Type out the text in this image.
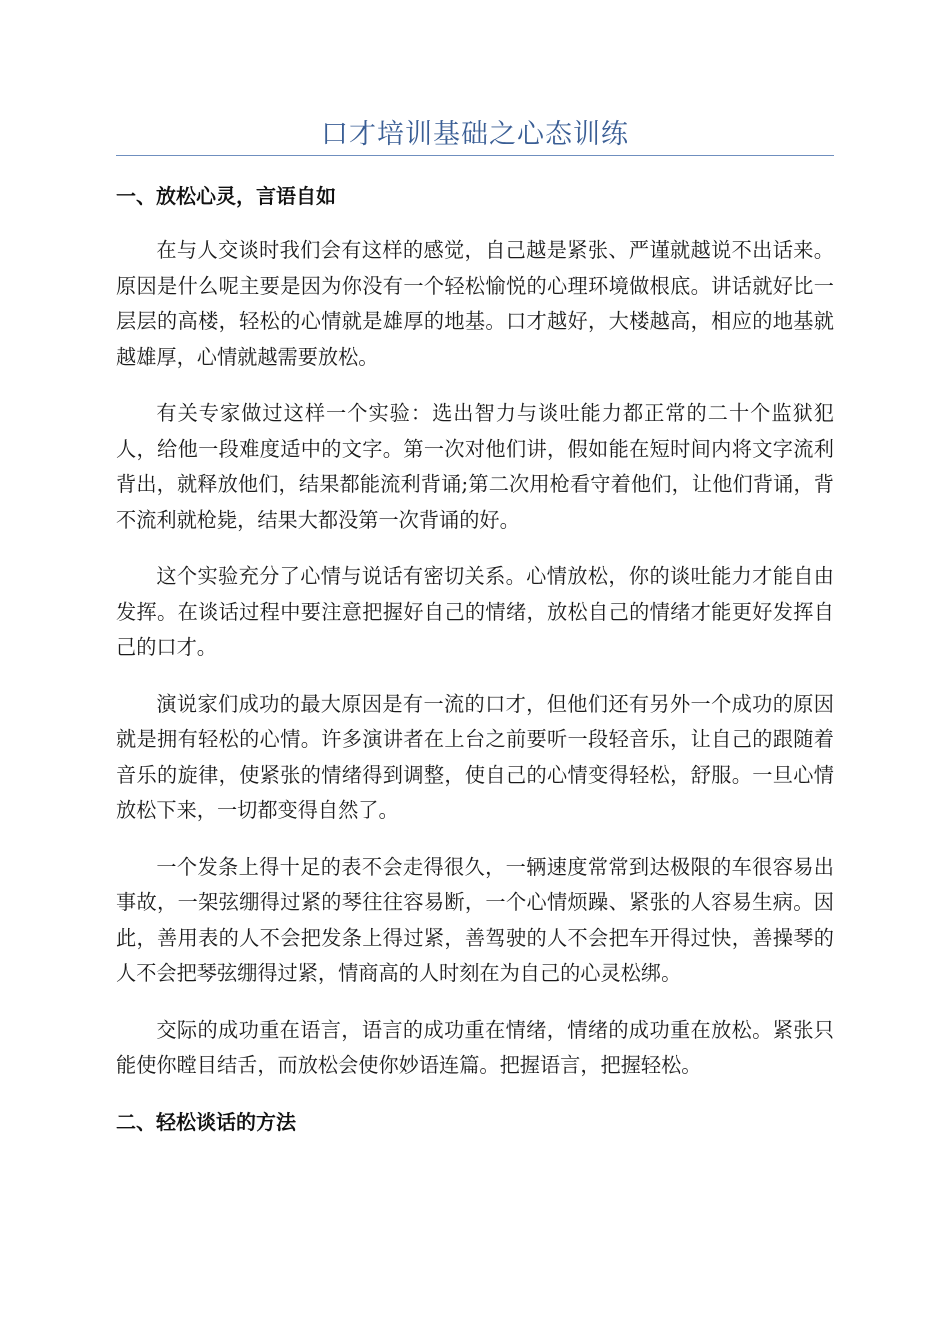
口才培训基础之心态训练
一、放松心灵，言语自如

在与人交谈时我们会有这样的感觉，自己越是紧张、严谨就越说不出话来。原因是什么呢主要是因为你没有一个轻松愉悦的心理环境做根底。讲话就好比一层层的高楼，轻松的心情就是雄厚的地基。口才越好，大楼越高，相应的地基就越雄厚，心情就越需要放松。

有关专家做过这样一个实验：选出智力与谈吐能力都正常的二十个监狱犯人，给他一段难度适中的文字。第一次对他们讲，假如能在短时间内将文字流利背出，就释放他们，结果都能流利背诵;第二次用枪看守着他们，让他们背诵，背不流利就枪毙，结果大都没第一次背诵的好。

这个实验充分了心情与说话有密切关系。心情放松，你的谈吐能力才能自由发挥。在谈话过程中要注意把握好自己的情绪，放松自己的情绪才能更好发挥自己的口才。

演说家们成功的最大原因是有一流的口才，但他们还有另外一个成功的原因就是拥有轻松的心情。许多演讲者在上台之前要听一段轻音乐，让自己的跟随着音乐的旋律，使紧张的情绪得到调整，使自己的心情变得轻松，舒服。一旦心情放松下来，一切都变得自然了。

一个发条上得十足的表不会走得很久，一辆速度常常到达极限的车很容易出事故，一架弦绷得过紧的琴往往容易断，一个心情烦躁、紧张的人容易生病。因此，善用表的人不会把发条上得过紧，善驾驶的人不会把车开得过快，善操琴的人不会把琴弦绷得过紧，情商高的人时刻在为自己的心灵松绑。

交际的成功重在语言，语言的成功重在情绪，情绪的成功重在放松。紧张只能使你瞠目结舌，而放松会使你妙语连篇。把握语言，把握轻松。

二、轻松谈话的方法
